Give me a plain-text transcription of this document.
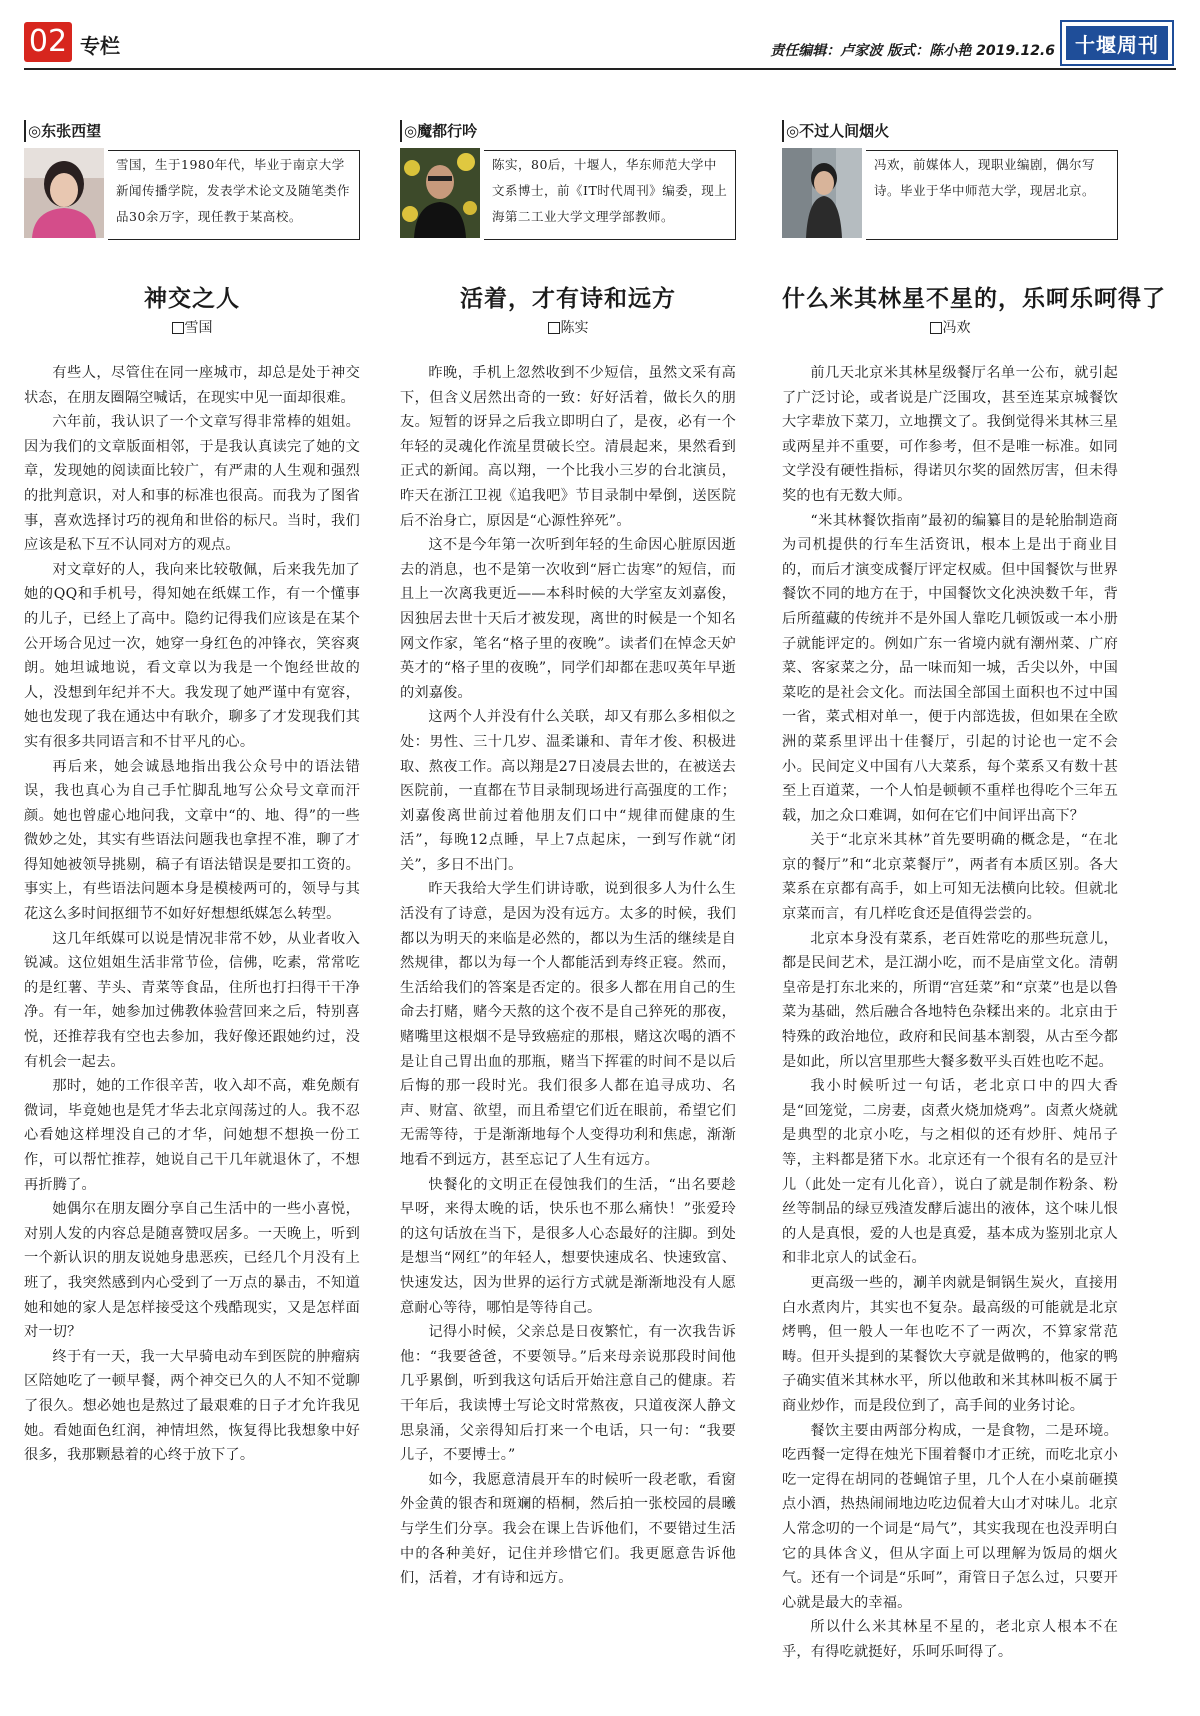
02 专栏	责任编辑：卢家波 版式：陈小艳 2019.12.6	十堰周刊
◎东张西望
雪国，生于1980年代，毕业于南京大学新闻传播学院，发表学术论文及随笔类作品30余万字，现任教于某高校。
神交之人
雪国

有些人，尽管住在同一座城市，却总是处于神交状态，在朋友圈隔空喊话，在现实中见一面却很难。

六年前，我认识了一个文章写得非常棒的姐姐。因为我们的文章版面相邻，于是我认真读完了她的文章，发现她的阅读面比较广，有严肃的人生观和强烈的批判意识，对人和事的标准也很高。而我为了图省事，喜欢选择讨巧的视角和世俗的标尺。当时，我们应该是私下互不认同对方的观点。

对文章好的人，我向来比较敬佩，后来我先加了她的QQ和手机号，得知她在纸媒工作，有一个懂事的儿子，已经上了高中。隐约记得我们应该是在某个公开场合见过一次，她穿一身红色的冲锋衣，笑容爽朗。她坦诚地说，看文章以为我是一个饱经世故的人，没想到年纪并不大。我发现了她严谨中有宽容，她也发现了我在通达中有耿介，聊多了才发现我们其实有很多共同语言和不甘平凡的心。

再后来，她会诚恳地指出我公众号中的语法错误，我也真心为自己手忙脚乱地写公众号文章而汗颜。她也曾虚心地问我，文章中“的、地、得”的一些微妙之处，其实有些语法问题我也拿捏不准，聊了才得知她被领导挑剔，稿子有语法错误是要扣工资的。事实上，有些语法问题本身是模棱两可的，领导与其花这么多时间抠细节不如好好想想纸媒怎么转型。

这几年纸媒可以说是情况非常不妙，从业者收入锐减。这位姐姐生活非常节俭，信佛，吃素，常常吃的是红薯、芋头、青菜等食品，住所也打扫得干干净净。有一年，她参加过佛教体验营回来之后，特别喜悦，还推荐我有空也去参加，我好像还跟她约过，没有机会一起去。

那时，她的工作很辛苦，收入却不高，难免颇有微词，毕竟她也是凭才华去北京闯荡过的人。我不忍心看她这样埋没自己的才华，问她想不想换一份工作，可以帮忙推荐，她说自己干几年就退休了，不想再折腾了。

她偶尔在朋友圈分享自己生活中的一些小喜悦，对别人发的内容总是随喜赞叹居多。一天晚上，听到一个新认识的朋友说她身患恶疾，已经几个月没有上班了，我突然感到内心受到了一万点的暴击，不知道她和她的家人是怎样接受这个残酷现实，又是怎样面对一切？

终于有一天，我一大早骑电动车到医院的肿瘤病区陪她吃了一顿早餐，两个神交已久的人不知不觉聊了很久。想必她也是熬过了最艰难的日子才允许我见她。看她面色红润，神情坦然，恢复得比我想象中好很多，我那颗悬着的心终于放下了。

◎魔都行吟
陈实，80后，十堰人，华东师范大学中文系博士，前《IT时代周刊》编委，现上海第二工业大学文理学部教师。
活着，才有诗和远方
陈实

昨晚，手机上忽然收到不少短信，虽然文采有高下，但含义居然出奇的一致：好好活着，做长久的朋友。短暂的讶异之后我立即明白了，是夜，必有一个年轻的灵魂化作流星贯破长空。清晨起来，果然看到正式的新闻。高以翔，一个比我小三岁的台北演员，昨天在浙江卫视《追我吧》节目录制中晕倒，送医院后不治身亡，原因是“心源性猝死”。

这不是今年第一次听到年轻的生命因心脏原因逝去的消息，也不是第一次收到“唇亡齿寒”的短信，而且上一次离我更近——本科时候的大学室友刘嘉俊，因独居去世十天后才被发现，离世的时候是一个知名网文作家，笔名“格子里的夜晚”。读者们在悼念天妒英才的“格子里的夜晚”，同学们却都在悲叹英年早逝的刘嘉俊。

这两个人并没有什么关联，却又有那么多相似之处：男性、三十几岁、温柔谦和、青年才俊、积极进取、熬夜工作。高以翔是27日凌晨去世的，在被送去医院前，一直都在节目录制现场进行高强度的工作；刘嘉俊离世前过着他朋友们口中“规律而健康的生活”，每晚12点睡，早上7点起床，一到写作就“闭关”，多日不出门。

昨天我给大学生们讲诗歌，说到很多人为什么生活没有了诗意，是因为没有远方。太多的时候，我们都以为明天的来临是必然的，都以为生活的继续是自然规律，都以为每一个人都能活到寿终正寝。然而，生活给我们的答案是否定的。很多人都在用自己的生命去打赌，赌今天熬的这个夜不是自己猝死的那夜，赌嘴里这根烟不是导致癌症的那根，赌这次喝的酒不是让自己胃出血的那瓶，赌当下挥霍的时间不是以后后悔的那一段时光。我们很多人都在追寻成功、名声、财富、欲望，而且希望它们近在眼前，希望它们无需等待，于是渐渐地每个人变得功利和焦虑，渐渐地看不到远方，甚至忘记了人生有远方。

快餐化的文明正在侵蚀我们的生活，“出名要趁早呀，来得太晚的话，快乐也不那么痛快！”张爱玲的这句话放在当下，是很多人心态最好的注脚。到处是想当“网红”的年轻人，想要快速成名、快速致富、快速发达，因为世界的运行方式就是渐渐地没有人愿意耐心等待，哪怕是等待自己。

记得小时候，父亲总是日夜繁忙，有一次我告诉他：“我要爸爸，不要领导。”后来母亲说那段时间他几乎累倒，听到我这句话后开始注意自己的健康。若干年后，我读博士写论文时常熬夜，只道夜深人静文思泉涌，父亲得知后打来一个电话，只一句：“我要儿子，不要博士。”

如今，我愿意清晨开车的时候听一段老歌，看窗外金黄的银杏和斑斓的梧桐，然后拍一张校园的晨曦与学生们分享。我会在课上告诉他们，不要错过生活中的各种美好，记住并珍惜它们。我更愿意告诉他们，活着，才有诗和远方。

◎不过人间烟火
冯欢，前媒体人，现职业编剧，偶尔写诗。毕业于华中师范大学，现居北京。
什么米其林星不星的，乐呵乐呵得了
冯欢

前几天北京米其林星级餐厅名单一公布，就引起了广泛讨论，或者说是广泛围攻，甚至连某京城餐饮大字辈放下菜刀，立地撰文了。我倒觉得米其林三星或两星并不重要，可作参考，但不是唯一标准。如同文学没有硬性指标，得诺贝尔奖的固然厉害，但未得奖的也有无数大师。

“米其林餐饮指南”最初的编纂目的是轮胎制造商为司机提供的行车生活资讯，根本上是出于商业目的，而后才演变成餐厅评定权威。但中国餐饮与世界餐饮不同的地方在于，中国餐饮文化泱泱数千年，背后所蕴藏的传统并不是外国人靠吃几顿饭或一本小册子就能评定的。例如广东一省境内就有潮州菜、广府菜、客家菜之分，品一味而知一城，舌尖以外，中国菜吃的是社会文化。而法国全部国土面积也不过中国一省，菜式相对单一，便于内部选拔，但如果在全欧洲的菜系里评出十佳餐厅，引起的讨论也一定不会小。民间定义中国有八大菜系，每个菜系又有数十甚至上百道菜，一个人怕是顿顿不重样也得吃个三年五载，加之众口难调，如何在它们中间评出高下？

关于“北京米其林”首先要明确的概念是，“在北京的餐厅”和“北京菜餐厅”，两者有本质区别。各大菜系在京都有高手，如上可知无法横向比较。但就北京菜而言，有几样吃食还是值得尝尝的。

北京本身没有菜系，老百姓常吃的那些玩意儿，都是民间艺术，是江湖小吃，而不是庙堂文化。清朝皇帝是打东北来的，所谓“宫廷菜”和“京菜”也是以鲁菜为基础，然后融合各地特色杂糅出来的。北京由于特殊的政治地位，政府和民间基本割裂，从古至今都是如此，所以宫里那些大餐多数平头百姓也吃不起。

我小时候听过一句话，老北京口中的四大香是“回笼觉，二房妻，卤煮火烧加烧鸡”。卤煮火烧就是典型的北京小吃，与之相似的还有炒肝、炖吊子等，主料都是猪下水。北京还有一个很有名的是豆汁儿（此处一定有儿化音），说白了就是制作粉条、粉丝等制品的绿豆残渣发酵后滤出的液体，这个味儿恨的人是真恨，爱的人也是真爱，基本成为鉴别北京人和非北京人的试金石。

更高级一些的，涮羊肉就是铜锅生炭火，直接用白水煮肉片，其实也不复杂。最高级的可能就是北京烤鸭，但一般人一年也吃不了一两次，不算家常范畴。但开头提到的某餐饮大亨就是做鸭的，他家的鸭子确实值米其林水平，所以他敢和米其林叫板不属于商业炒作，而是段位到了，高手间的业务讨论。

餐饮主要由两部分构成，一是食物，二是环境。吃西餐一定得在烛光下围着餐巾才正统，而吃北京小吃一定得在胡同的苍蝇馆子里，几个人在小桌前砸摸点小酒，热热闹闹地边吃边侃着大山才对味儿。北京人常念叨的一个词是“局气”，其实我现在也没弄明白它的具体含义，但从字面上可以理解为饭局的烟火气。还有一个词是“乐呵”，甭管日子怎么过，只要开心就是最大的幸福。

所以什么米其林星不星的，老北京人根本不在乎，有得吃就挺好，乐呵乐呵得了。
